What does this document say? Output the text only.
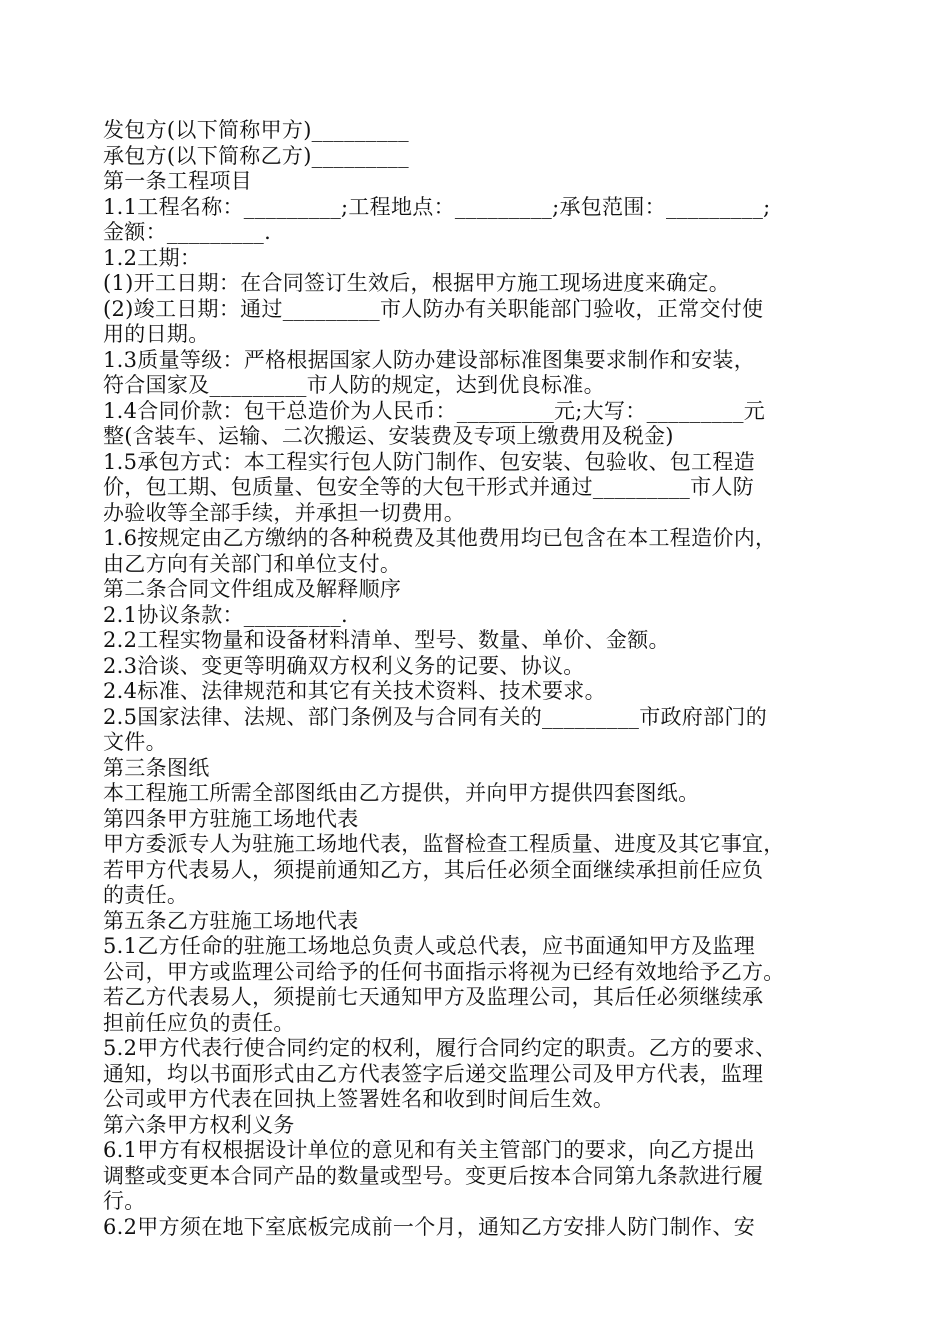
发包方(以下简称甲方)_________
承包方(以下简称乙方)_________
第一条工程项目
1.1工程名称：_________;工程地点：_________;承包范围：_________;
金额：_________.
1.2工期：
(1)开工日期：在合同签订生效后，根据甲方施工现场进度来确定。
(2)竣工日期：通过_________市人防办有关职能部门验收，正常交付使
用的日期。
1.3质量等级：严格根据国家人防办建设部标准图集要求制作和安装，
符合国家及_________市人防的规定，达到优良标准。
1.4合同价款：包干总造价为人民币：_________元;大写：_________元
整(含装车、运输、二次搬运、安装费及专项上缴费用及税金)
1.5承包方式：本工程实行包人防门制作、包安装、包验收、包工程造
价，包工期、包质量、包安全等的大包干形式并通过_________市人防
办验收等全部手续，并承担一切费用。
1.6按规定由乙方缴纳的各种税费及其他费用均已包含在本工程造价内，
由乙方向有关部门和单位支付。
第二条合同文件组成及解释顺序
2.1协议条款：_________.
2.2工程实物量和设备材料清单、型号、数量、单价、金额。
2.3洽谈、变更等明确双方权利义务的记要、协议。
2.4标准、法律规范和其它有关技术资料、技术要求。
2.5国家法律、法规、部门条例及与合同有关的_________市政府部门的
文件。
第三条图纸
本工程施工所需全部图纸由乙方提供，并向甲方提供四套图纸。
第四条甲方驻施工场地代表
甲方委派专人为驻施工场地代表，监督检查工程质量、进度及其它事宜，
若甲方代表易人，须提前通知乙方，其后任必须全面继续承担前任应负
的责任。
第五条乙方驻施工场地代表
5.1乙方任命的驻施工场地总负责人或总代表，应书面通知甲方及监理
公司，甲方或监理公司给予的任何书面指示将视为已经有效地给予乙方。
若乙方代表易人，须提前七天通知甲方及监理公司，其后任必须继续承
担前任应负的责任。
5.2甲方代表行使合同约定的权利，履行合同约定的职责。乙方的要求、
通知，均以书面形式由乙方代表签字后递交监理公司及甲方代表，监理
公司或甲方代表在回执上签署姓名和收到时间后生效。
第六条甲方权利义务
6.1甲方有权根据设计单位的意见和有关主管部门的要求，向乙方提出
调整或变更本合同产品的数量或型号。变更后按本合同第九条款进行履
行。
6.2甲方须在地下室底板完成前一个月，通知乙方安排人防门制作、安
